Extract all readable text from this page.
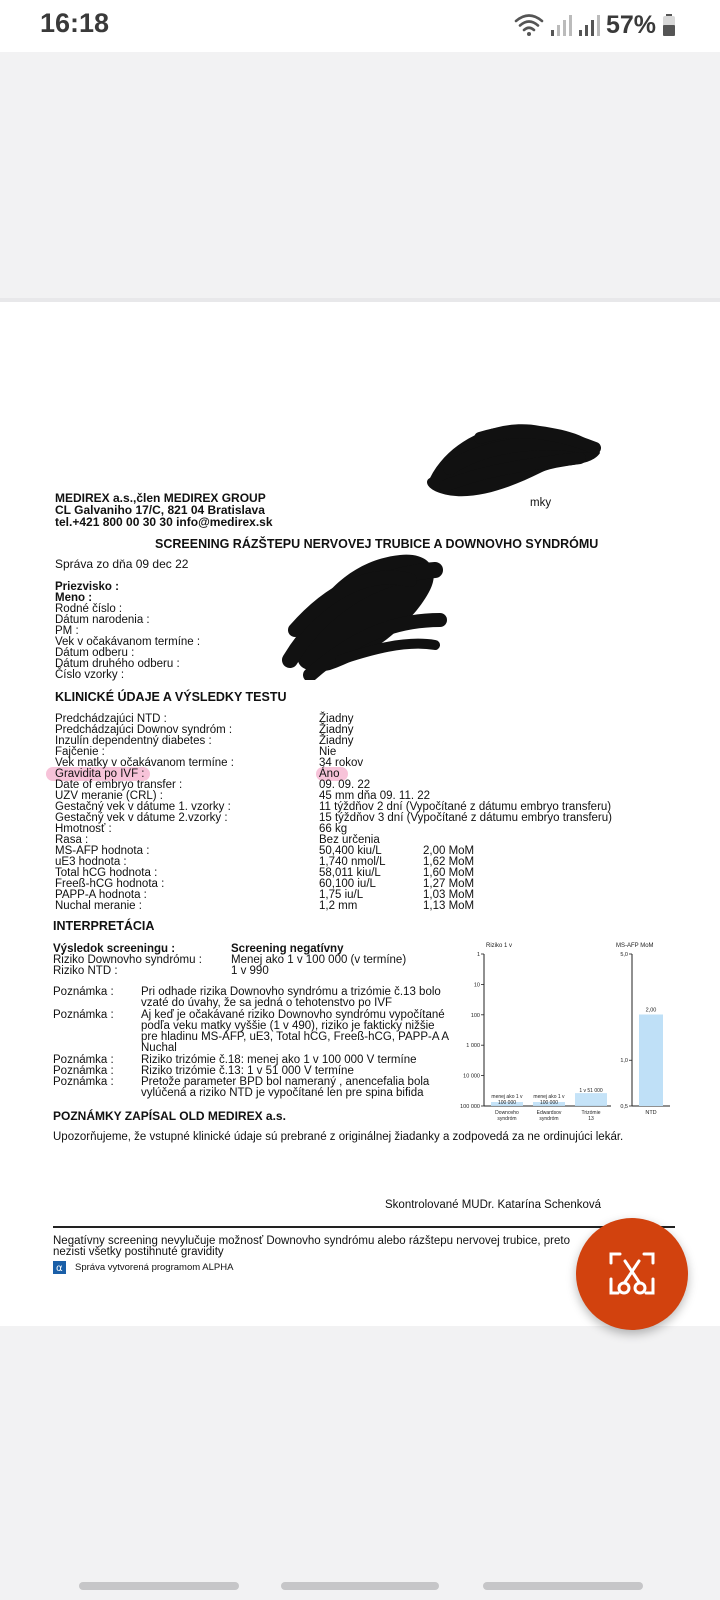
16:18	57%
MEDIREX a.s.,člen MEDIREX GROUP
CL Galvaniho 17/C, 821 04 Bratislava
tel.+421 800 00 30 30 info@medirex.sk
mky
SCREENING RÁZŠTEPU NERVOVEJ TRUBICE A DOWNOVHO SYNDRÓMU
Správa zo dňa 09 dec 22
Priezvisko :
Meno :
Rodné číslo :
Dátum narodenia :
PM :
Vek v očakávanom termíne :
Dátum odberu :
Dátum druhého odberu :
Číslo vzorky :
KLINICKÉ ÚDAJE A VÝSLEDKY TESTU
Predchádzajúci NTD :	Žiadny
Predchádzajúci Downov syndróm :	Žiadny
Inzulín dependentný diabetes :	Žiadny
Fajčenie :	Nie
Vek matky v očakávanom termíne :	34 rokov
Gravidita po IVF :	Áno
Date of embryo transfer :	09. 09. 22
UZV meranie (CRL) :	45 mm dňa 09. 11. 22
Gestačný vek v dátume 1. vzorky :	11 týždňov 2 dní (Vypočítané z dátumu embryo transferu)
Gestačný vek v dátume 2.vzorky :	15 týždňov 3 dní (Vypočítané z dátumu embryo transferu)
Hmotnosť :	66 kg
Rasa :	Bez určenia
MS-AFP hodnota :	50,400 kiu/L	2,00 MoM
uE3 hodnota :	1,740 nmol/L	1,62 MoM
Total hCG hodnota :	58,011 kiu/L	1,60 MoM
Freeß-hCG hodnota :	60,100 iu/L	1,27 MoM
PAPP-A hodnota :	1,75 iu/L	1,03 MoM
Nuchal meranie :	1,2 mm	1,13 MoM
INTERPRETÁCIA
Výsledok screeningu :	Screening negatívny
Riziko Downovho syndrómu :	Menej ako 1 v 100 000 (v termíne)
Riziko NTD :	1 v 990
Poznámka : Pri odhade rizika Downovho syndrómu a trizómie č.13 bolo
vzaté do úvahy, že sa jedná o tehotenstvo po IVF
Poznámka : Aj keď je očakávané riziko Downovho syndrómu vypočítané
podľa veku matky vyššie (1 v 490), riziko je fakticky nižšie
pre hladinu MS-AFP, uE3, Total hCG, Freeß-hCG, PAPP-A A
Nuchal
Poznámka : Riziko trizómie č.18: menej ako 1 v 100 000 V termíne
Poznámka : Riziko trizómie č.13: 1 v 51 000 V termíne
Poznámka : Pretože parameter BPD bol nameraný , anencefalia bola
vylúčená a riziko NTD je vypočítané len pre spina bifida
Riziko 1 v
1
10
100
1 000
10 000
100 000
menej ako 1 v
100 000
Downovho
syndróm
menej ako 1 v
100 000
Edwardsov
syndróm
1 v 51 000
Trizómie
13
MS-AFP MoM
5,0
1,0
0,5
2,00
NTD
POZNÁMKY ZAPÍSAL OLD MEDIREX a.s.
Upozorňujeme, že vstupné klinické údaje sú prebrané z originálnej žiadanky a zodpovedá za ne ordinujúci lekár.
Skontrolované MUDr. Katarína Schenková
Negatívny screening nevylučuje možnosť Downovho syndrómu alebo rázštepu nervovej trubice, preto
nezisti všetky postihnuté gravidity
α Správa vytvorená programom ALPHA
